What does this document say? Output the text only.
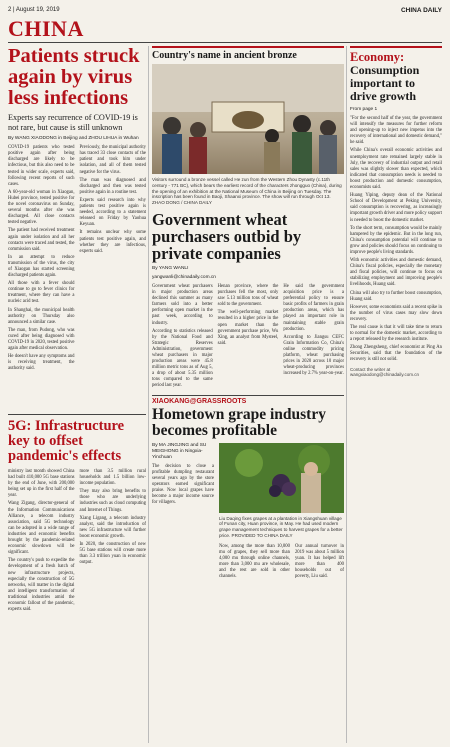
2 | August 19, 2019	CHINA DAILY
CHINA
Patients struck again by virus less infections

Experts say recurrence of COVID-19 is not rare, but cause is still unknown

By WANG XIAODONG in Beijing and ZHOU LIHUA in Wuhan

COVID-19 patients who tested positive again after being discharged are likely to be infectious, but this also need to be tested in wider scale, experts said, following recent reports of such cases.

A 60-year-old woman in Xiaogan, Hubei province, tested positive for the novel coronavirus on Sunday, several months after she was discharged. All close contacts tested negative.

The patient had received treatment again under isolation and all her contacts were traced and tested, the commission said.

In an attempt to reduce transmission of the virus, the city of Xiaogan has started screening discharged patients again.

All those with a fever should continue to go to fever clinics for treatment, where they can have a nucleic acid test.

In Shanghai, the municipal health authority on Thursday also announced a similar case.

The man, from Pudong, who was cured after being diagnosed with COVID-19 in 2020, tested positive again after medical observation.

He doesn't have any symptoms and is receiving treatment, the authority said.

Previously, the municipal authority has traced 33 close contacts of the patient and took him under isolation, and all of them tested negative for the virus.

The man was diagnosed and discharged and then was tested positive again in a routine test.

Experts said research into why patients test positive again is needed, according to a statement released on Friday by Yaohua Keyuan.

It remains unclear why some patients test positive again, and whether they are infectious, experts said.

5G: Infrastructure key to offset pandemic's effects

ministry last month showed China had built 410,000 5G base stations by the end of June, with 200,000 being set up in the first half of the year.

Wang Zigang, director-general of the Information Communications Alliance, a telecom industry association, said 5G technology can be adopted in a wide range of industries and economic benefits brought by the pandemic-related economic slowdown will be significant.

The country's push to expedite the development of a fresh batch of new infrastructure projects, especially the construction of 5G networks, will matter in the digital and intelligent transformation of traditional industries amid the economic fallout of the pandemic, experts said.

more than 3.5 million rural households and 1.5 billion low-income population.

They may also bring benefits to those who are underlying industries such as cloud computing and Internet of Things.

Xiang Ligang, a telecom industry analyst, said the introduction of new 5G infrastructure will further boost economic growth.

In 2020, the construction of new 5G base stations will create more than 3.3 trillion yuan in economic output.

Country's name in ancient bronze

Visitors surround a bronze vessel called He zun from the Western Zhou Dynasty (c.11th century - 771 BC), which bears the earliest record of the characters zhongguo (China), during the opening of an exhibition at the National Museum of China in Beijing on Tuesday. The inscription has been found in Baoji, Shaanxi province. The show will run through Oct 13. ZHAO DONG / CHINA DAILY

Government wheat purchasers outbid by private companies

By YANG WANLI

yangwanli@chinadaily.com.cn

Government wheat purchasers in major production areas declined this summer as many farmers sold into a better performing open market in the past week, according to industry.

According to statistics released by the National Food and Strategic Reserves Administration, government wheat purchasers in major production areas were 45.8 million metric tons as of Aug 5, a drop of about 5.35 million tons compared to the same period last year.

Henan province, where the purchases fell the most, only saw 5.13 million tons of wheat sold to the government.

The well-performing market resulted in a higher price in the open market than the government purchase price, Wu Xing, an analyst from Mysteel, said.

He said the government acquisition price is a preferential policy to ensure basic profits of farmers in grain production areas, which has played an important role in maintaining stable grain production.

According to Jiangsu CEFC Grain Information Co, China's online commodity pricing platform, wheat purchasing prices in 2020 across 10 major wheat-producing provinces increased by 2.7% year-on-year.

XIAOKANG@GRASSROOTS
Hometown grape industry becomes profitable

By MA JINGJING and SU MEIGHONG in Ningxia-Yinchuan

The decision to close a profitable dumpling restaurant several years ago by the store operators earned significant praise. Now local grapes have become a major income source for villagers.

Liu Daqing fixes grapes at a plantation in Xiangshuan village of Funan city, Huan province, in May. He had used modern grape management techniques to harvest grapes for a better price. PROVIDED TO CHINA DAILY

Now, among the more than 10,000 mu of grapes, they sell more than 4,000 mu through online channels, more than 3,000 mu are wholesale, and the rest are sold in other channels.

Our annual turnover in 2019 was about 5 million yuan. It has helped lift more than 400 households out of poverty, Liu said.

Economy:
Consumption important to drive growth

From page 1

"For the second half of the year, the government will intensify the measures for further reform and opening-up to inject new impetus into the recovery of international and domestic demand," he said.

While China's overall economic activities and unemployment rate remained largely stable in July, the recovery of industrial output and retail sales was slightly slower than expected, which indicated that consumption needs is needed to boost production and domestic consumption, economists said.

Huang Yiping, deputy dean of the National School of Development at Peking University, said consumption is recovering, as increasingly important growth driver and more policy support is needed to boost the domestic market.

To the short term, consumption would be mainly hampered by the epidemic. But in the long run, China's consumption potential will continue to grow and policies should focus on continuing to improve people's living standards.

With economic activities and domestic demand, China's fiscal policies, especially the monetary and fiscal policies, will continue to focus on stabilizing employment and improving people's livelihoods, Huang said.

China will also try to further boost consumption, Huang said.

However, some economists said a recent spike in the number of virus cases may slow down recovery.

The real cause is that it will take time to return to normal for the domestic market, according to a report released by the research institute.

Zhong Zhengsheng, chief economist at Ping An Securities, said that the foundation of the recovery is still not solid.

Contact the writer at wangxiaodong@chinadaily.com.cn
